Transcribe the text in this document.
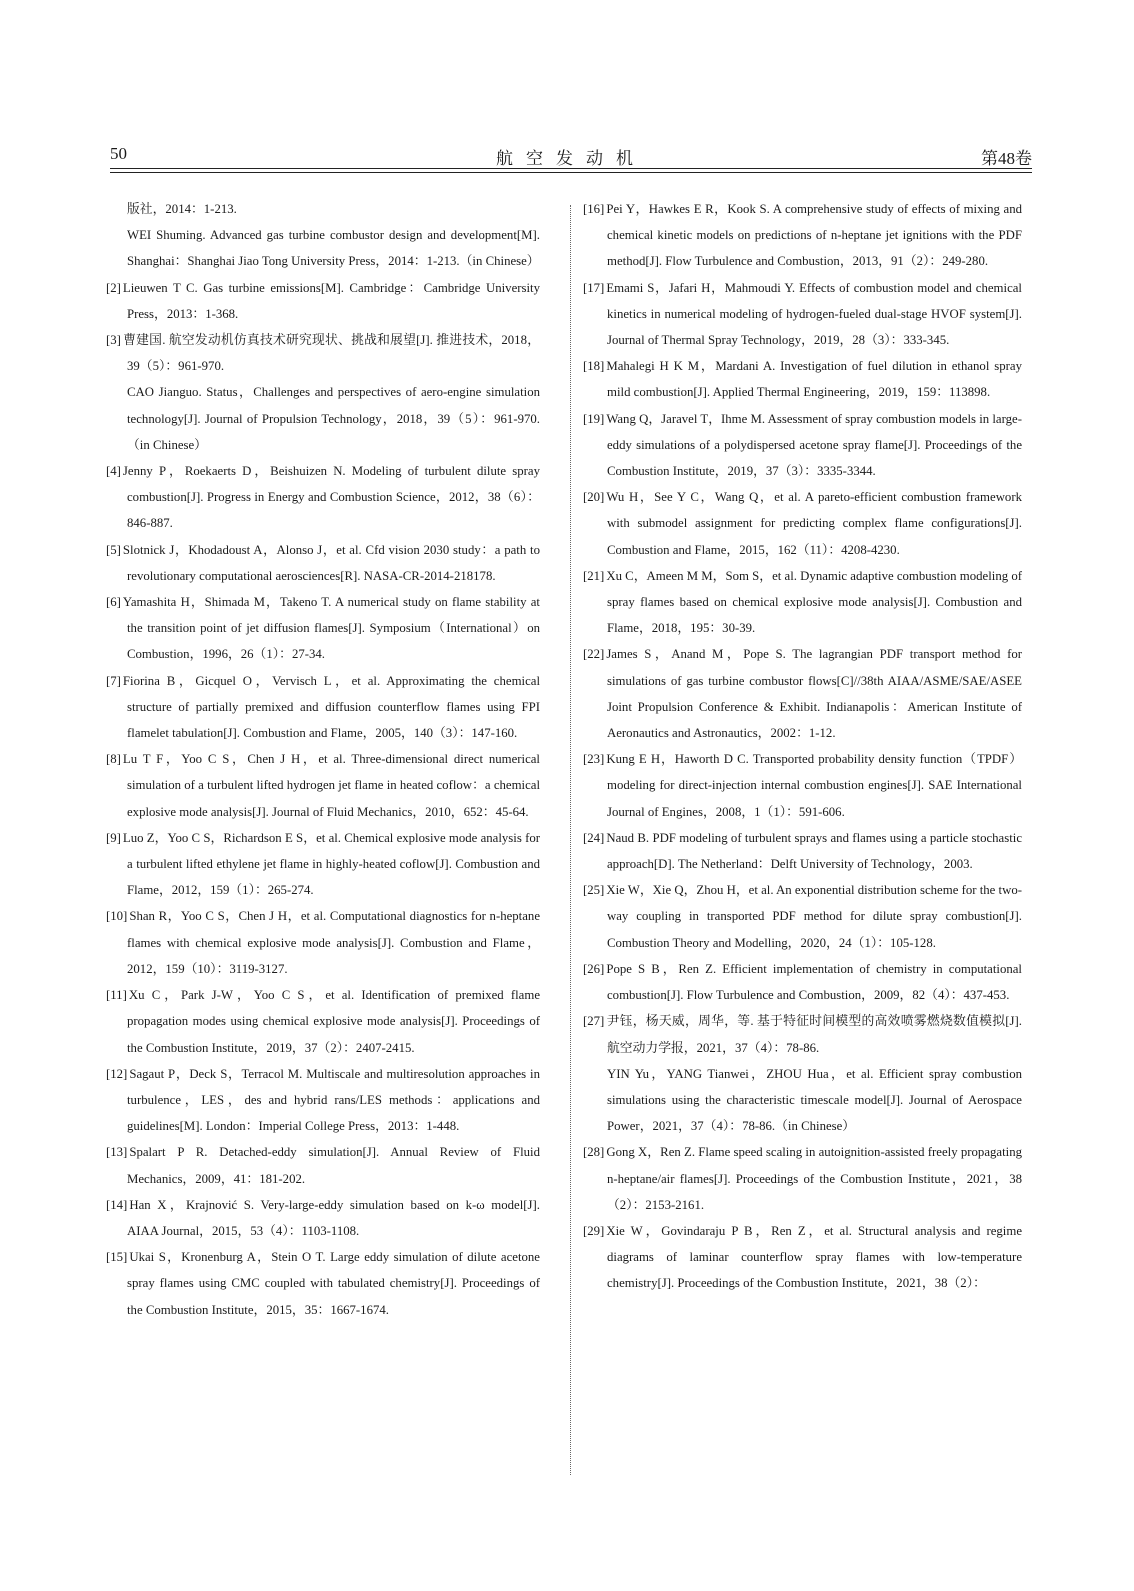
50	航空发动机	第48卷

版社，2014：1-213.

WEI Shuming. Advanced gas turbine combustor design and development[M]. Shanghai：Shanghai Jiao Tong University Press，2014：1-213.（in Chinese）

[2] Lieuwen T C. Gas turbine emissions[M]. Cambridge：Cambridge University Press，2013：1-368.

[3] 曹建国. 航空发动机仿真技术研究现状、挑战和展望[J]. 推进技术，2018，39（5）：961-970.

CAO Jianguo. Status，Challenges and perspectives of aero-engine simulation technology[J]. Journal of Propulsion Technology，2018，39（5）：961-970.（in Chinese）

[4] Jenny P，Roekaerts D，Beishuizen N. Modeling of turbulent dilute spray combustion[J]. Progress in Energy and Combustion Science，2012，38（6）：846-887.

[5] Slotnick J，Khodadoust A，Alonso J，et al. Cfd vision 2030 study：a path to revolutionary computational aerosciences[R]. NASA-CR-2014-218178.

[6] Yamashita H，Shimada M，Takeno T. A numerical study on flame stability at the transition point of jet diffusion flames[J]. Symposium（International）on Combustion，1996，26（1）：27-34.

[7] Fiorina B，Gicquel O，Vervisch L，et al. Approximating the chemical structure of partially premixed and diffusion counterflow flames using FPI flamelet tabulation[J]. Combustion and Flame，2005，140（3）：147-160.

[8] Lu T F，Yoo C S，Chen J H，et al. Three-dimensional direct numerical simulation of a turbulent lifted hydrogen jet flame in heated coflow：a chemical explosive mode analysis[J]. Journal of Fluid Mechanics，2010，652：45-64.

[9] Luo Z，Yoo C S，Richardson E S，et al. Chemical explosive mode analysis for a turbulent lifted ethylene jet flame in highly-heated coflow[J]. Combustion and Flame，2012，159（1）：265-274.

[10] Shan R，Yoo C S，Chen J H，et al. Computational diagnostics for n-heptane flames with chemical explosive mode analysis[J]. Combustion and Flame，2012，159（10）：3119-3127.

[11] Xu C，Park J-W，Yoo C S，et al. Identification of premixed flame propagation modes using chemical explosive mode analysis[J]. Proceedings of the Combustion Institute，2019，37（2）：2407-2415.

[12] Sagaut P，Deck S，Terracol M. Multiscale and multiresolution approaches in turbulence，LES，des and hybrid rans/LES methods：applications and guidelines[M]. London：Imperial College Press，2013：1-448.

[13] Spalart P R. Detached-eddy simulation[J]. Annual Review of Fluid Mechanics，2009，41：181-202.

[14] Han X，Krajnović S. Very-large-eddy simulation based on k-ω model[J]. AIAA Journal，2015，53（4）：1103-1108.

[15] Ukai S，Kronenburg A，Stein O T. Large eddy simulation of dilute acetone spray flames using CMC coupled with tabulated chemistry[J]. Proceedings of the Combustion Institute，2015，35：1667-1674.

[16] Pei Y，Hawkes E R，Kook S. A comprehensive study of effects of mixing and chemical kinetic models on predictions of n-heptane jet ignitions with the PDF method[J]. Flow Turbulence and Combustion，2013，91（2）：249-280.

[17] Emami S，Jafari H，Mahmoudi Y. Effects of combustion model and chemical kinetics in numerical modeling of hydrogen-fueled dual-stage HVOF system[J]. Journal of Thermal Spray Technology，2019，28（3）：333-345.

[18] Mahalegi H K M，Mardani A. Investigation of fuel dilution in ethanol spray mild combustion[J]. Applied Thermal Engineering，2019，159：113898.

[19] Wang Q，Jaravel T，Ihme M. Assessment of spray combustion models in large-eddy simulations of a polydispersed acetone spray flame[J]. Proceedings of the Combustion Institute，2019，37（3）：3335-3344.

[20] Wu H，See Y C，Wang Q，et al. A pareto-efficient combustion framework with submodel assignment for predicting complex flame configurations[J]. Combustion and Flame，2015，162（11）：4208-4230.

[21] Xu C，Ameen M M，Som S，et al. Dynamic adaptive combustion modeling of spray flames based on chemical explosive mode analysis[J]. Combustion and Flame，2018，195：30-39.

[22] James S，Anand M，Pope S. The lagrangian PDF transport method for simulations of gas turbine combustor flows[C]//38th AIAA/ASME/SAE/ASEE Joint Propulsion Conference & Exhibit. Indianapolis：American Institute of Aeronautics and Astronautics，2002：1-12.

[23] Kung E H，Haworth D C. Transported probability density function（TPDF）modeling for direct-injection internal combustion engines[J]. SAE International Journal of Engines，2008，1（1）：591-606.

[24] Naud B. PDF modeling of turbulent sprays and flames using a particle stochastic approach[D]. The Netherland：Delft University of Technology，2003.

[25] Xie W，Xie Q，Zhou H，et al. An exponential distribution scheme for the two-way coupling in transported PDF method for dilute spray combustion[J]. Combustion Theory and Modelling，2020，24（1）：105-128.

[26] Pope S B，Ren Z. Efficient implementation of chemistry in computational combustion[J]. Flow Turbulence and Combustion，2009，82（4）：437-453.

[27] 尹钰，杨天威，周华，等. 基于特征时间模型的高效喷雾燃烧数值模拟[J]. 航空动力学报，2021，37（4）：78-86.

YIN Yu，YANG Tianwei，ZHOU Hua，et al. Efficient spray combustion simulations using the characteristic timescale model[J]. Journal of Aerospace Power，2021，37（4）：78-86.（in Chinese）

[28] Gong X，Ren Z. Flame speed scaling in autoignition-assisted freely propagating n-heptane/air flames[J]. Proceedings of the Combustion Institute，2021，38（2）：2153-2161.

[29] Xie W，Govindaraju P B，Ren Z，et al. Structural analysis and regime diagrams of laminar counterflow spray flames with low-temperature chemistry[J]. Proceedings of the Combustion Institute，2021，38（2）：
